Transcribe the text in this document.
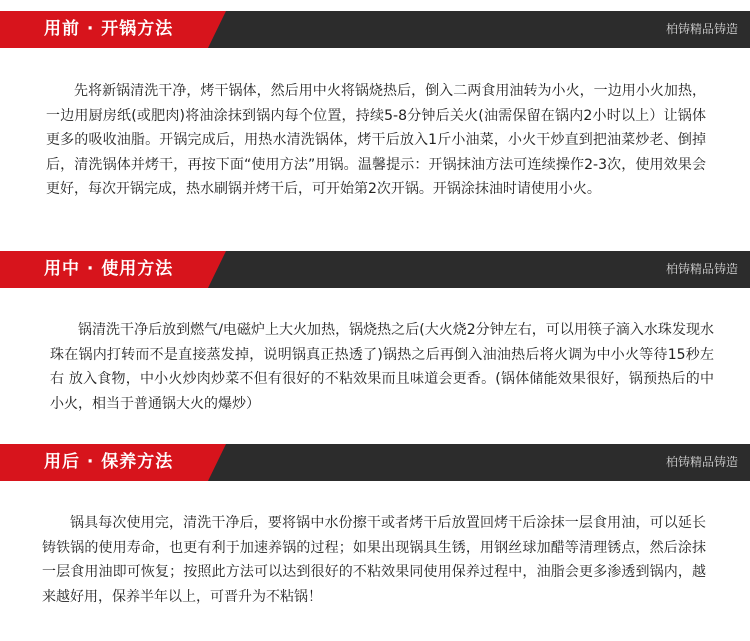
用前 · 开锅方法	柏铸精品铸造

先将新锅清洗干净，烤干锅体，然后用中火将锅烧热后，倒入二两食用油转为小火，一边用小火加热，一边用厨房纸(或肥肉)将油涂抹到锅内每个位置，持续5-8分钟后关火(油需保留在锅内2小时以上）让锅体更多的吸收油脂。开锅完成后，用热水清洗锅体，烤干后放入1斤小油菜，小火干炒直到把油菜炒老、倒掉后，清洗锅体并烤干，再按下面“使用方法”用锅。温馨提示：开锅抹油方法可连续操作2-3次，使用效果会更好，每次开锅完成，热水刷锅并烤干后，可开始第2次开锅。开锅涂抹油时请使用小火。

用中 · 使用方法	柏铸精品铸造

锅清洗干净后放到燃气/电磁炉上大火加热，锅烧热之后(大火烧2分钟左右，可以用筷子滴入水珠发现水珠在锅内打转而不是直接蒸发掉，说明锅真正热透了)锅热之后再倒入油油热后将火调为中小火等待15秒左右 放入食物，中小火炒肉炒菜不但有很好的不粘效果而且味道会更香。(锅体储能效果很好，锅预热后的中小火，相当于普通锅大火的爆炒）

用后 · 保养方法	柏铸精品铸造

锅具每次使用完，清洗干净后，要将锅中水份擦干或者烤干后放置回烤干后涂抹一层食用油，可以延长铸铁锅的使用寿命，也更有利于加速养锅的过程；如果出现锅具生锈，用钢丝球加醋等清理锈点，然后涂抹一层食用油即可恢复；按照此方法可以达到很好的不粘效果同使用保养过程中，油脂会更多渗透到锅内，越来越好用，保养半年以上，可晋升为不粘锅！
